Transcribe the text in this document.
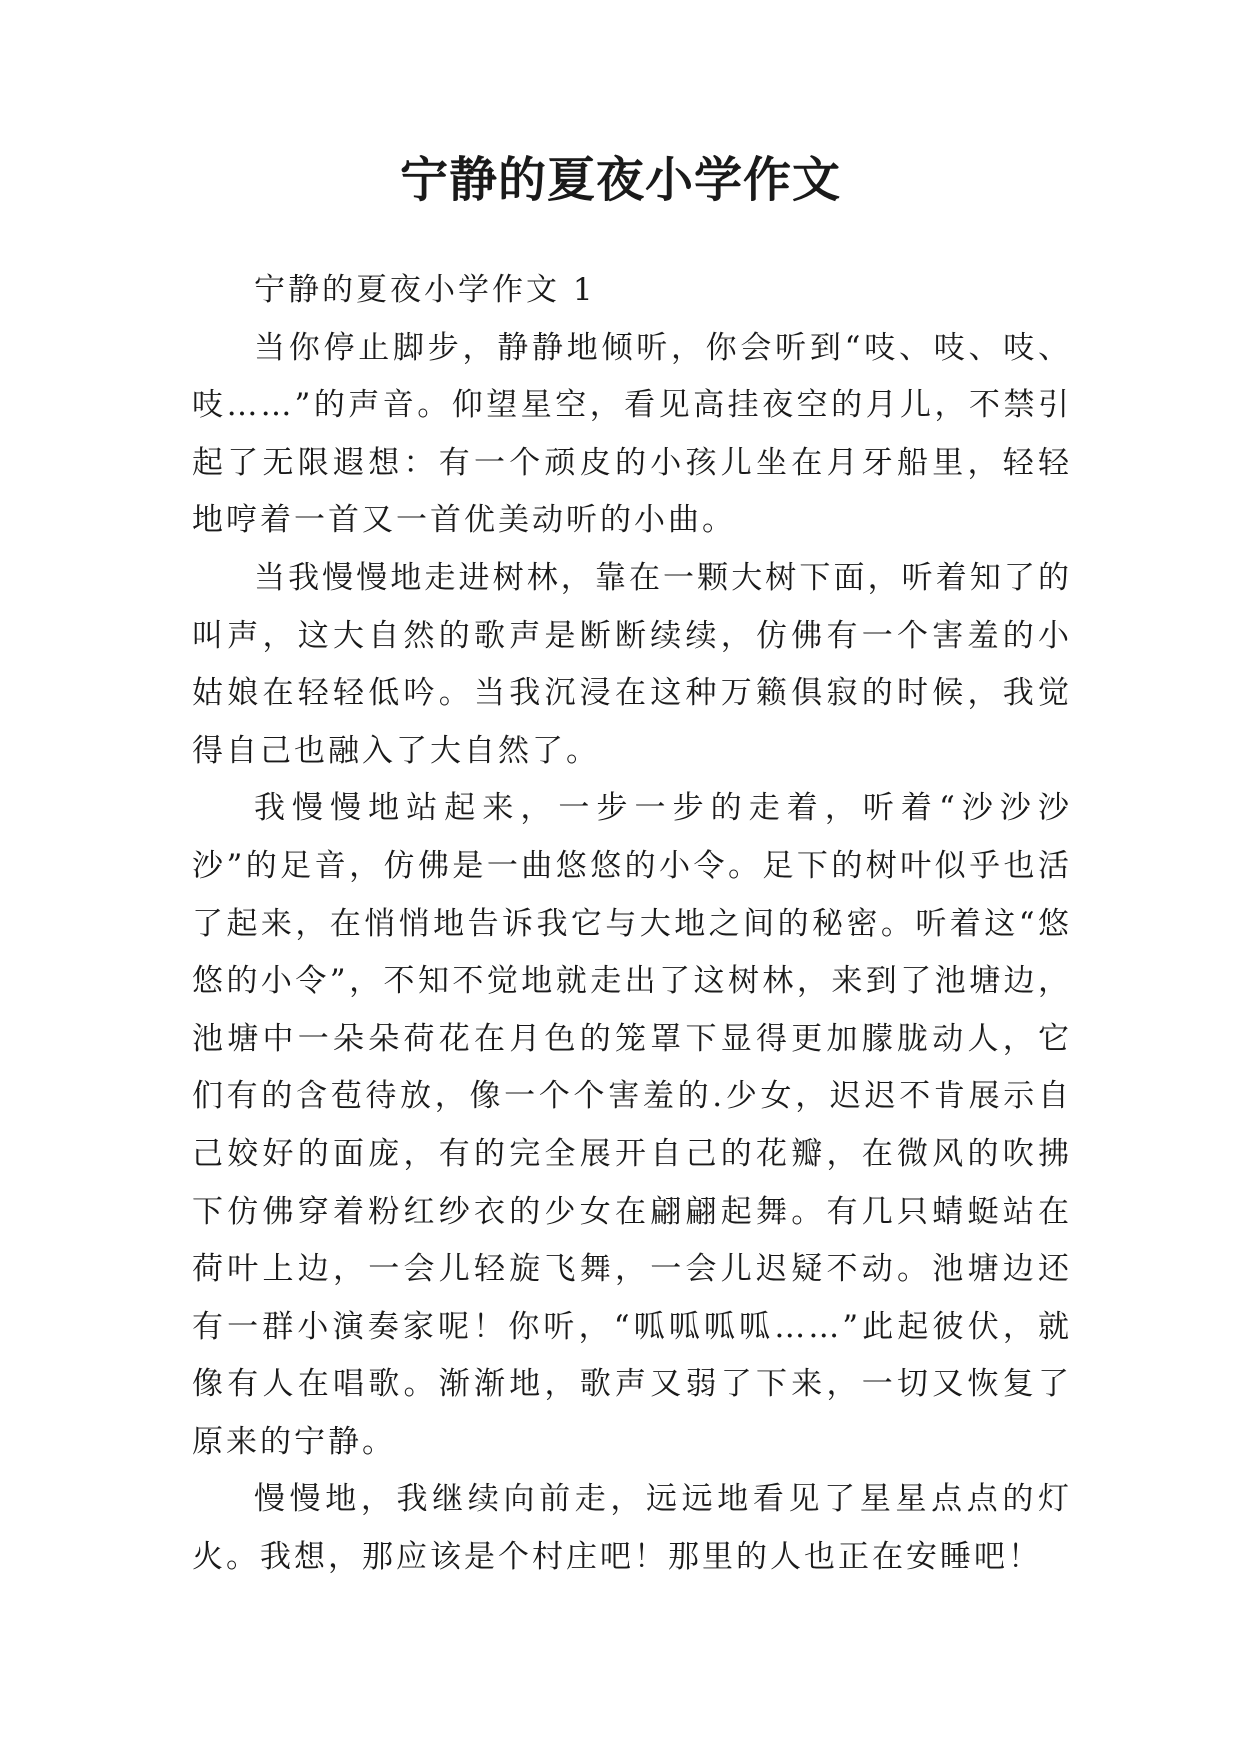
宁静的夏夜小学作文

宁静的夏夜小学作文 1

当你停止脚步，静静地倾听，你会听到“吱、吱、吱、吱……”的声音。仰望星空，看见高挂夜空的月儿，不禁引起了无限遐想：有一个顽皮的小孩儿坐在月牙船里，轻轻地哼着一首又一首优美动听的小曲。

当我慢慢地走进树林，靠在一颗大树下面，听着知了的叫声，这大自然的歌声是断断续续，仿佛有一个害羞的小姑娘在轻轻低吟。当我沉浸在这种万籁俱寂的时候，我觉得自己也融入了大自然了。

我慢慢地站起来，一步一步的走着，听着“沙沙沙沙”的足音，仿佛是一曲悠悠的小令。足下的树叶似乎也活了起来，在悄悄地告诉我它与大地之间的秘密。听着这“悠悠的小令”，不知不觉地就走出了这树林，来到了池塘边，池塘中一朵朵荷花在月色的笼罩下显得更加朦胧动人，它们有的含苞待放，像一个个害羞的.少女，迟迟不肯展示自己姣好的面庞，有的完全展开自己的花瓣，在微风的吹拂下仿佛穿着粉红纱衣的少女在翩翩起舞。有几只蜻蜓站在荷叶上边，一会儿轻旋飞舞，一会儿迟疑不动。池塘边还有一群小演奏家呢！你听，“呱呱呱呱……”此起彼伏，就像有人在唱歌。渐渐地，歌声又弱了下来，一切又恢复了原来的宁静。

慢慢地，我继续向前走，远远地看见了星星点点的灯火。我想，那应该是个村庄吧！那里的人也正在安睡吧！
